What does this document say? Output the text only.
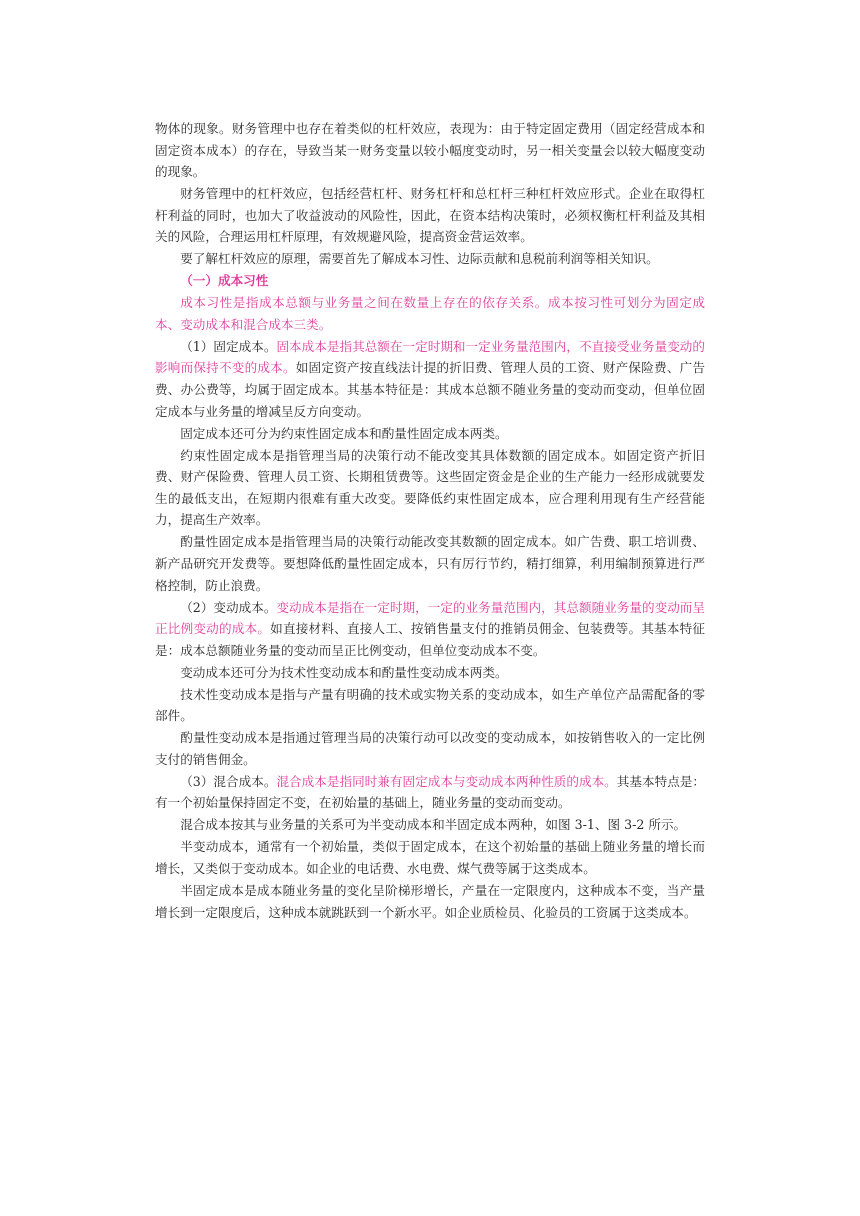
物体的现象。财务管理中也存在着类似的杠杆效应，表现为：由于特定固定费用（固定经营成本和固定资本成本）的存在，导致当某一财务变量以较小幅度变动时，另一相关变量会以较大幅度变动的现象。

财务管理中的杠杆效应，包括经营杠杆、财务杠杆和总杠杆三种杠杆效应形式。企业在取得杠杆利益的同时，也加大了收益波动的风险性，因此，在资本结构决策时，必须权衡杠杆利益及其相关的风险，合理运用杠杆原理，有效规避风险，提高资金营运效率。

要了解杠杆效应的原理，需要首先了解成本习性、边际贡献和息税前利润等相关知识。

（一）成本习性

成本习性是指成本总额与业务量之间在数量上存在的依存关系。成本按习性可划分为固定成本、变动成本和混合成本三类。

（1）固定成本。固本成本是指其总额在一定时期和一定业务量范围内，不直接受业务量变动的影响而保持不变的成本。如固定资产按直线法计提的折旧费、管理人员的工资、财产保险费、广告费、办公费等，均属于固定成本。其基本特征是：其成本总额不随业务量的变动而变动，但单位固定成本与业务量的增减呈反方向变动。

固定成本还可分为约束性固定成本和酌量性固定成本两类。

约束性固定成本是指管理当局的决策行动不能改变其具体数额的固定成本。如固定资产折旧费、财产保险费、管理人员工资、长期租赁费等。这些固定资金是企业的生产能力一经形成就要发生的最低支出，在短期内很难有重大改变。要降低约束性固定成本，应合理利用现有生产经营能力，提高生产效率。

酌量性固定成本是指管理当局的决策行动能改变其数额的固定成本。如广告费、职工培训费、新产品研究开发费等。要想降低酌量性固定成本，只有厉行节约，精打细算，利用编制预算进行严格控制，防止浪费。

（2）变动成本。变动成本是指在一定时期，一定的业务量范围内，其总额随业务量的变动而呈正比例变动的成本。如直接材料、直接人工、按销售量支付的推销员佣金、包装费等。其基本特征是：成本总额随业务量的变动而呈正比例变动，但单位变动成本不变。

变动成本还可分为技术性变动成本和酌量性变动成本两类。

技术性变动成本是指与产量有明确的技术或实物关系的变动成本，如生产单位产品需配备的零部件。

酌量性变动成本是指通过管理当局的决策行动可以改变的变动成本，如按销售收入的一定比例支付的销售佣金。

（3）混合成本。混合成本是指同时兼有固定成本与变动成本两种性质的成本。其基本特点是：有一个初始量保持固定不变，在初始量的基础上，随业务量的变动而变动。

混合成本按其与业务量的关系可为半变动成本和半固定成本两种，如图 3-1、图 3-2 所示。

半变动成本，通常有一个初始量，类似于固定成本，在这个初始量的基础上随业务量的增长而增长，又类似于变动成本。如企业的电话费、水电费、煤气费等属于这类成本。

半固定成本是成本随业务量的变化呈阶梯形增长，产量在一定限度内，这种成本不变，当产量增长到一定限度后，这种成本就跳跃到一个新水平。如企业质检员、化验员的工资属于这类成本。
